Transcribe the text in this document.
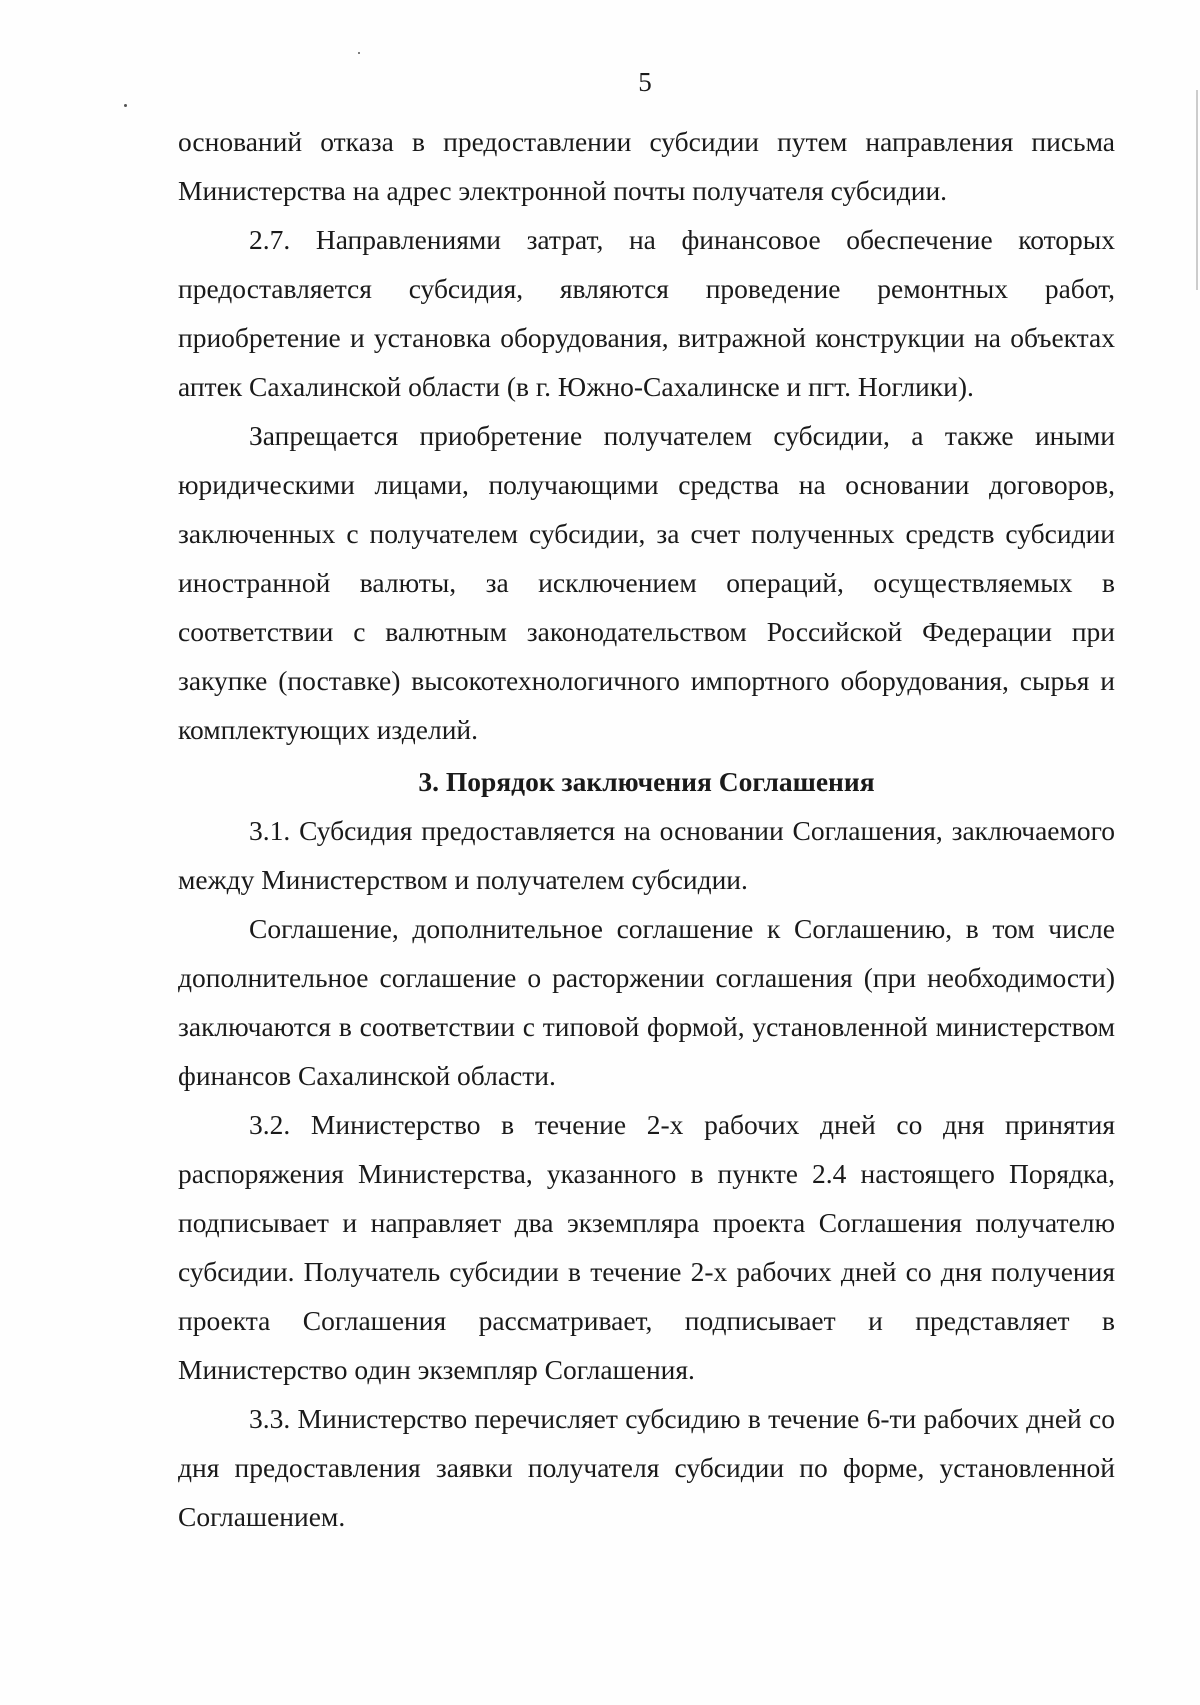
5

оснований отказа в предоставлении субсидии путем направления письма Министерства на адрес электронной почты получателя субсидии.

2.7. Направлениями затрат, на финансовое обеспечение которых предоставляется субсидия, являются проведение ремонтных работ, приобретение и установка оборудования, витражной конструкции на объектах аптек Сахалинской области (в г. Южно-Сахалинске и пгт. Ноглики).

Запрещается приобретение получателем субсидии, а также иными юридическими лицами, получающими средства на основании договоров, заключенных с получателем субсидии, за счет полученных средств субсидии иностранной валюты, за исключением операций, осуществляемых в соответствии с валютным законодательством Российской Федерации при закупке (поставке) высокотехнологичного импортного оборудования, сырья и комплектующих изделий.

3. Порядок заключения Соглашения

3.1. Субсидия предоставляется на основании Соглашения, заключаемого между Министерством и получателем субсидии.

Соглашение, дополнительное соглашение к Соглашению, в том числе дополнительное соглашение о расторжении соглашения (при необходимости) заключаются в соответствии с типовой формой, установленной министерством финансов Сахалинской области.

3.2. Министерство в течение 2-х рабочих дней со дня принятия распоряжения Министерства, указанного в пункте 2.4 настоящего Порядка, подписывает и направляет два экземпляра проекта Соглашения получателю субсидии. Получатель субсидии в течение 2-х рабочих дней со дня получения проекта Соглашения рассматривает, подписывает и представляет в Министерство один экземпляр Соглашения.

3.3. Министерство перечисляет субсидию в течение 6-ти рабочих дней со дня предоставления заявки получателя субсидии по форме, установленной Соглашением.
